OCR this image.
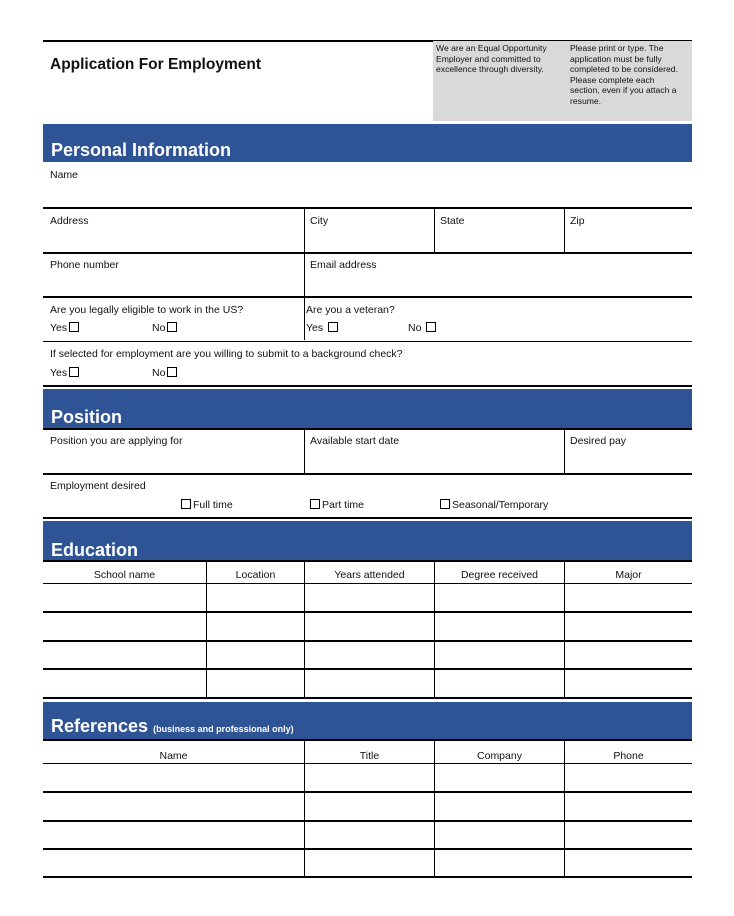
Application For Employment
We are an Equal Opportunity Employer and committed to excellence through diversity.
Please print or type. The application must be fully completed to be considered. Please complete each section, even if you attach a resume.
Personal Information
Name
Address	City	State	Zip
Phone number	Email address
Are you legally eligible to work in the US?
Yes	No
Are you a veteran?
Yes	No
If selected for employment are you willing to submit to a background check?
Yes	No
Position
Position you are applying for	Available start date	Desired pay
Employment desired
Full time	Part time	Seasonal/Temporary
Education
School name	Location	Years attended	Degree received	Major
References (business and professional only)
Name	Title	Company	Phone
